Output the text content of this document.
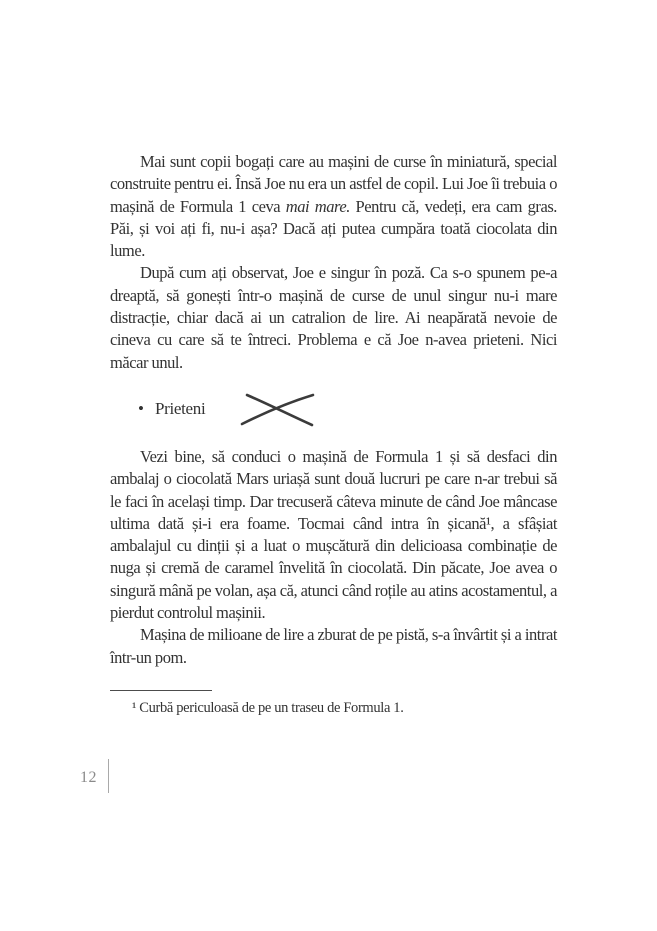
Mai sunt copii bogați care au mașini de curse în miniatură, special construite pentru ei. Însă Joe nu era un astfel de copil. Lui Joe îi trebuia o mașină de Formula 1 ceva mai mare. Pentru că, vedeți, era cam gras. Păi, și voi ați fi, nu-i așa? Dacă ați putea cumpăra toată ciocolata din lume.

După cum ați observat, Joe e singur în poză. Ca s-o spunem pe-a dreaptă, să gonești într-o mașină de curse de unul singur nu-i mare distracție, chiar dacă ai un catralion de lire. Ai neapărată nevoie de cineva cu care să te întreci. Problema e că Joe n-avea prieteni. Nici măcar unul.

• Prieteni

Vezi bine, să conduci o mașină de Formula 1 și să desfaci din ambalaj o ciocolată Mars uriașă sunt două lucruri pe care n-ar trebui să le faci în același timp. Dar trecuseră câteva minute de când Joe mâncase ultima dată și-i era foame. Tocmai când intra în șicană¹, a sfâșiat ambalajul cu dinții și a luat o mușcătură din delicioasa combinație de nuga și cremă de caramel învelită în ciocolată. Din păcate, Joe avea o singură mână pe volan, așa că, atunci când roțile au atins acostamentul, a pierdut controlul mașinii.

Mașina de milioane de lire a zburat de pe pistă, s-a învârtit și a intrat într-un pom.

¹ Curbă periculoasă de pe un traseu de Formula 1.

12
